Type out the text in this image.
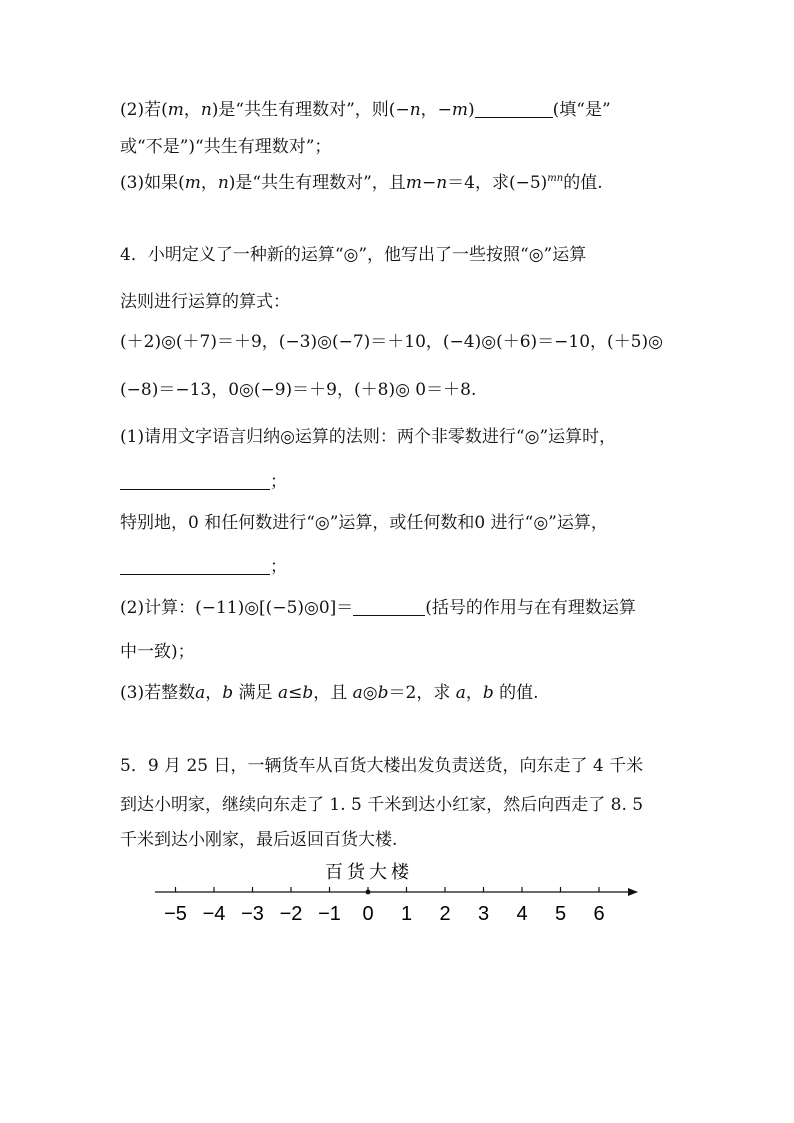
(2)若(m，n)是“共生有理数对”，则(−n，−m)	(填“是”
或“不是”)“共生有理数对”；
(3)如果(m，n)是“共生有理数对”，且m−n＝4，求$(-5)^{mn}$的值.
4．小明定义了一种新的运算“◎”，他写出了一些按照“◎”运算
法则进行运算的算式：
(＋2)◎(＋7)＝＋9，(−3)◎(−7)＝＋10，(−4)◎(＋6)＝−10，(＋5)◎
(−8)＝−13，0◎(−9)＝＋9，(＋8)◎ 0＝＋8.
(1)请用文字语言归纳◎运算的法则：两个非零数进行“◎”运算时，
；
特别地，0 和任何数进行“◎”运算，或任何数和0 进行“◎”运算，
；
(2)计算：(−11)◎[(−5)◎0]＝	(括号的作用与在有理数运算
中一致)；
(3)若整数a，b 满足 a≤b，且 a◎b＝2，求 a，b 的值.
5．9 月 25 日，一辆货车从百货大楼出发负责送货，向东走了 4 千米
到达小明家，继续向东走了 1. 5 千米到达小红家，然后向西走了 8. 5
千米到达小刚家，最后返回百货大楼.
百货大楼
−5 −4 −3 −2 −1 0 1 2 3 4 5 6
